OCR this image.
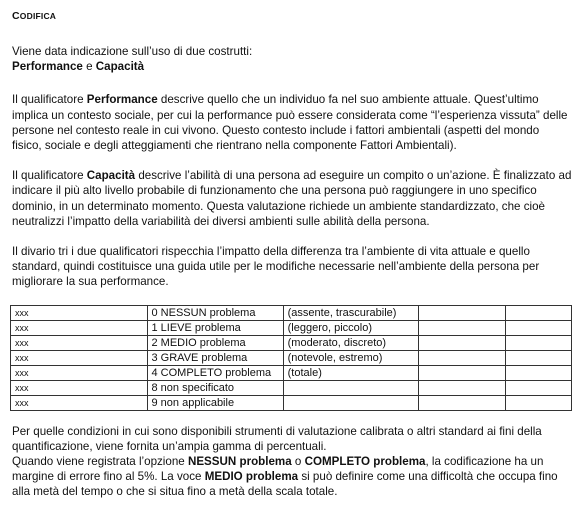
CODIFICA

Viene data indicazione sull’uso di due costrutti:
Performance e Capacità

Il qualificatore Performance descrive quello che un individuo fa nel suo ambiente attuale. Quest’ultimo implica un contesto sociale, per cui la performance può essere considerata come “l’esperienza vissuta” delle persone nel contesto reale in cui vivono. Questo contesto include i fattori ambientali (aspetti del mondo fisico, sociale e degli atteggiamenti che rientrano nella componente Fattori Ambientali).

Il qualificatore Capacità descrive l’abilità di una persona ad eseguire un compito o un’azione. È finalizzato ad indicare il più alto livello probabile di funzionamento che una persona può raggiungere in uno specifico dominio, in un determinato momento. Questa valutazione richiede un ambiente standardizzato, che cioè neutralizzi l’impatto della variabilità dei diversi ambienti sulle abilità della persona.

Il divario tri i due qualificatori rispecchia l’impatto della differenza tra l’ambiente di vita attuale e quello standard, quindi costituisce una guida utile per le modifiche necessarie nell’ambiente della persona per migliorare la sua performance.

xxx	0 NESSUN problema	(assente, trascurabile)		
xxx	1 LIEVE problema	(leggero, piccolo)		
xxx	2 MEDIO problema	(moderato, discreto)		
xxx	3 GRAVE problema	(notevole, estremo)		
xxx	4 COMPLETO problema	(totale)		
xxx	8 non specificato			
xxx	9 non applicabile			

Per quelle condizioni in cui sono disponibili strumenti di valutazione calibrata o altri standard ai fini della quantificazione, viene fornita un’ampia gamma di percentuali.
Quando viene registrata l’opzione NESSUN problema o COMPLETO problema, la codificazione ha un margine di errore fino al 5%. La voce MEDIO problema si può definire come una difficoltà che occupa fino alla metà del tempo o che si situa fino a metà della scala totale.
